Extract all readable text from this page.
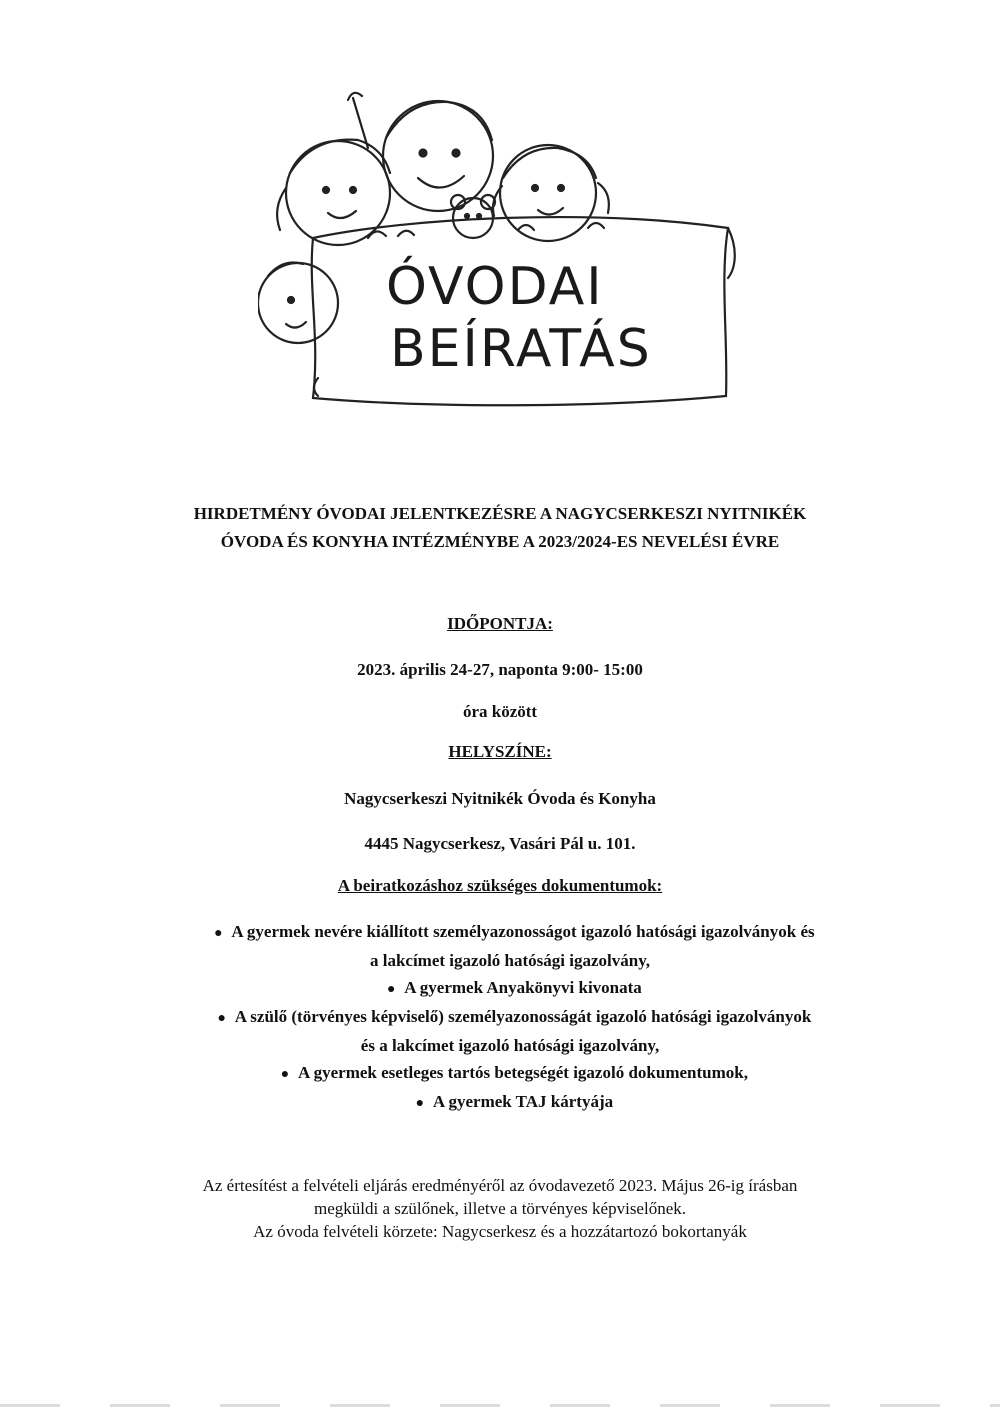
ÓVODAI
BEÍRATÁS
HIRDETMÉNY ÓVODAI JELENTKEZÉSRE A NAGYCSERKESZI NYITNIKÉK
ÓVODA ÉS KONYHA INTÉZMÉNYBE A 2023/2024-ES NEVELÉSI ÉVRE
IDŐPONTJA:
2023. április 24-27, naponta 9:00- 15:00
óra között
HELYSZÍNE:
Nagycserkeszi Nyitnikék Óvoda és Konyha
4445 Nagycserkesz, Vasári Pál u. 101.
A beiratkozáshoz szükséges dokumentumok:
● A gyermek nevére kiállított személyazonosságot igazoló hatósági igazolványok és
a lakcímet igazoló hatósági igazolvány,
● A gyermek Anyakönyvi kivonata
● A szülő (törvényes képviselő) személyazonosságát igazoló hatósági igazolványok
és a lakcímet igazoló hatósági igazolvány,
● A gyermek esetleges tartós betegségét igazoló dokumentumok,
● A gyermek TAJ kártyája
Az értesítést a felvételi eljárás eredményéről az óvodavezető 2023. Május 26-ig írásban
megküldi a szülőnek, illetve a törvényes képviselőnek.
Az óvoda felvételi körzete: Nagycserkesz és a hozzátartozó bokortanyák
